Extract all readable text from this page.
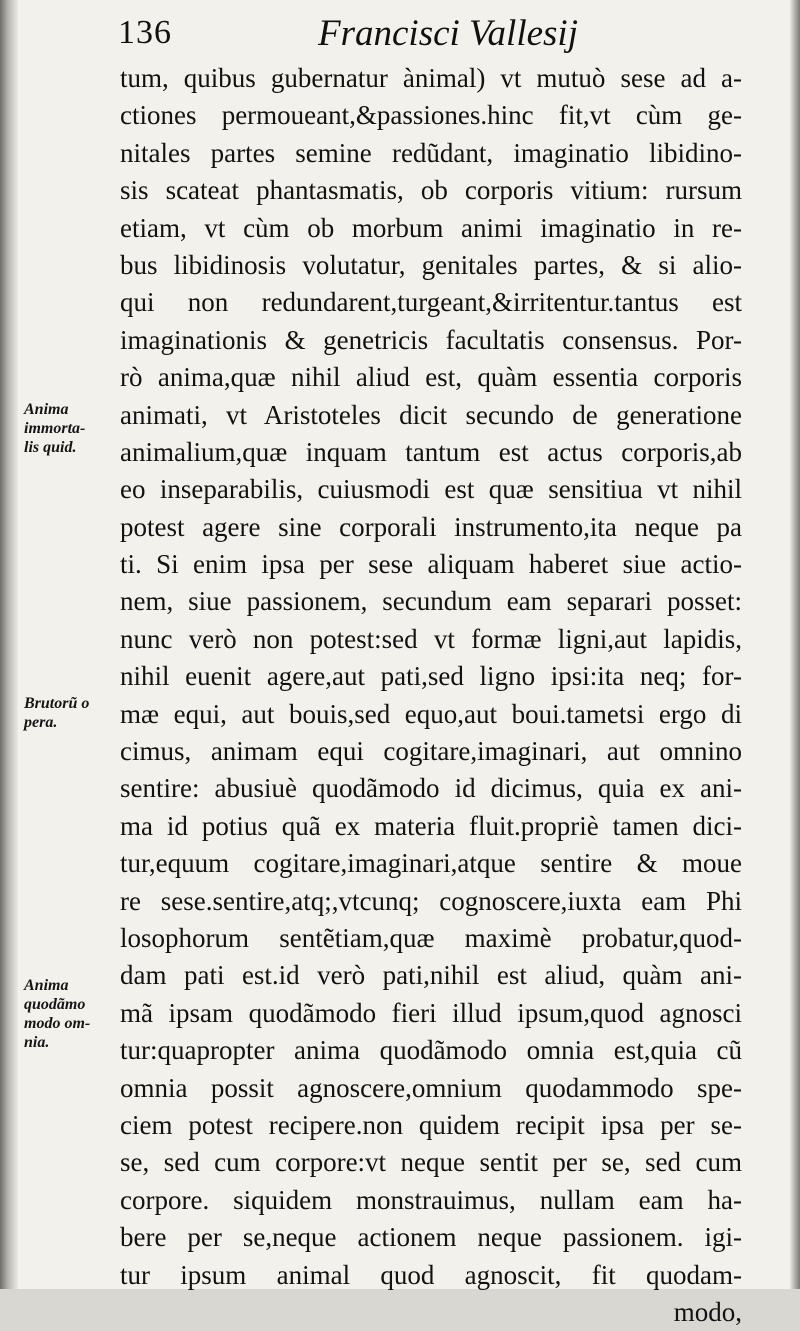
136	Francisci Vallesij
tum, quibus gubernatur ànimal) vt mutuò sese ad a-
ctiones permoueant,&passiones.hinc fit,vt cùm ge-
nitales partes semine redũdant, imaginatio libidino-
sis scateat phantasmatis, ob corporis vitium: rursum
etiam, vt cùm ob morbum animi imaginatio in re-
bus libidinosis volutatur, genitales partes, & si alio-
qui non redundarent,turgeant,&irritentur.tantus est
imaginationis & genetricis facultatis consensus. Por-
rò anima,quæ nihil aliud est, quàm essentia corporis
animati, vt Aristoteles dicit secundo de generatione
animalium,quæ inquam tantum est actus corporis,ab
eo inseparabilis, cuiusmodi est quæ sensitiua vt nihil
potest agere sine corporali instrumento,ita neque pa
ti. Si enim ipsa per sese aliquam haberet siue actio-
nem, siue passionem, secundum eam separari posset:
nunc verò non potest:sed vt formæ ligni,aut lapidis,
nihil euenit agere,aut pati,sed ligno ipsi:ita neq; for-
mæ equi, aut bouis,sed equo,aut boui.tametsi ergo di
cimus, animam equi cogitare,imaginari, aut omnino
sentire: abusiuè quodãmodo id dicimus, quia ex ani-
ma id potius quã ex materia fluit.propriè tamen dici-
tur,equum cogitare,imaginari,atque sentire & moue
re sese.sentire,atq;,vtcunq; cognoscere,iuxta eam Phi
losophorum sentẽtiam,quæ maximè probatur,quod-
dam pati est.id verò pati,nihil est aliud, quàm ani-
mã ipsam quodãmodo fieri illud ipsum,quod agnosci
tur:quapropter anima quodãmodo omnia est,quia cũ
omnia possit agnoscere,omnium quodammodo spe-
ciem potest recipere.non quidem recipit ipsa per se-
se, sed cum corpore:vt neque sentit per se, sed cum
corpore. siquidem monstrauimus, nullam eam ha-
bere per se,neque actionem neque passionem. igi-
tur ipsum animal quod agnoscit, fit quodam-
modo,
Anima
immorta-
lis quid.
Brutorũ o
pera.
Anima
quodãmo
modo om-
nia.
